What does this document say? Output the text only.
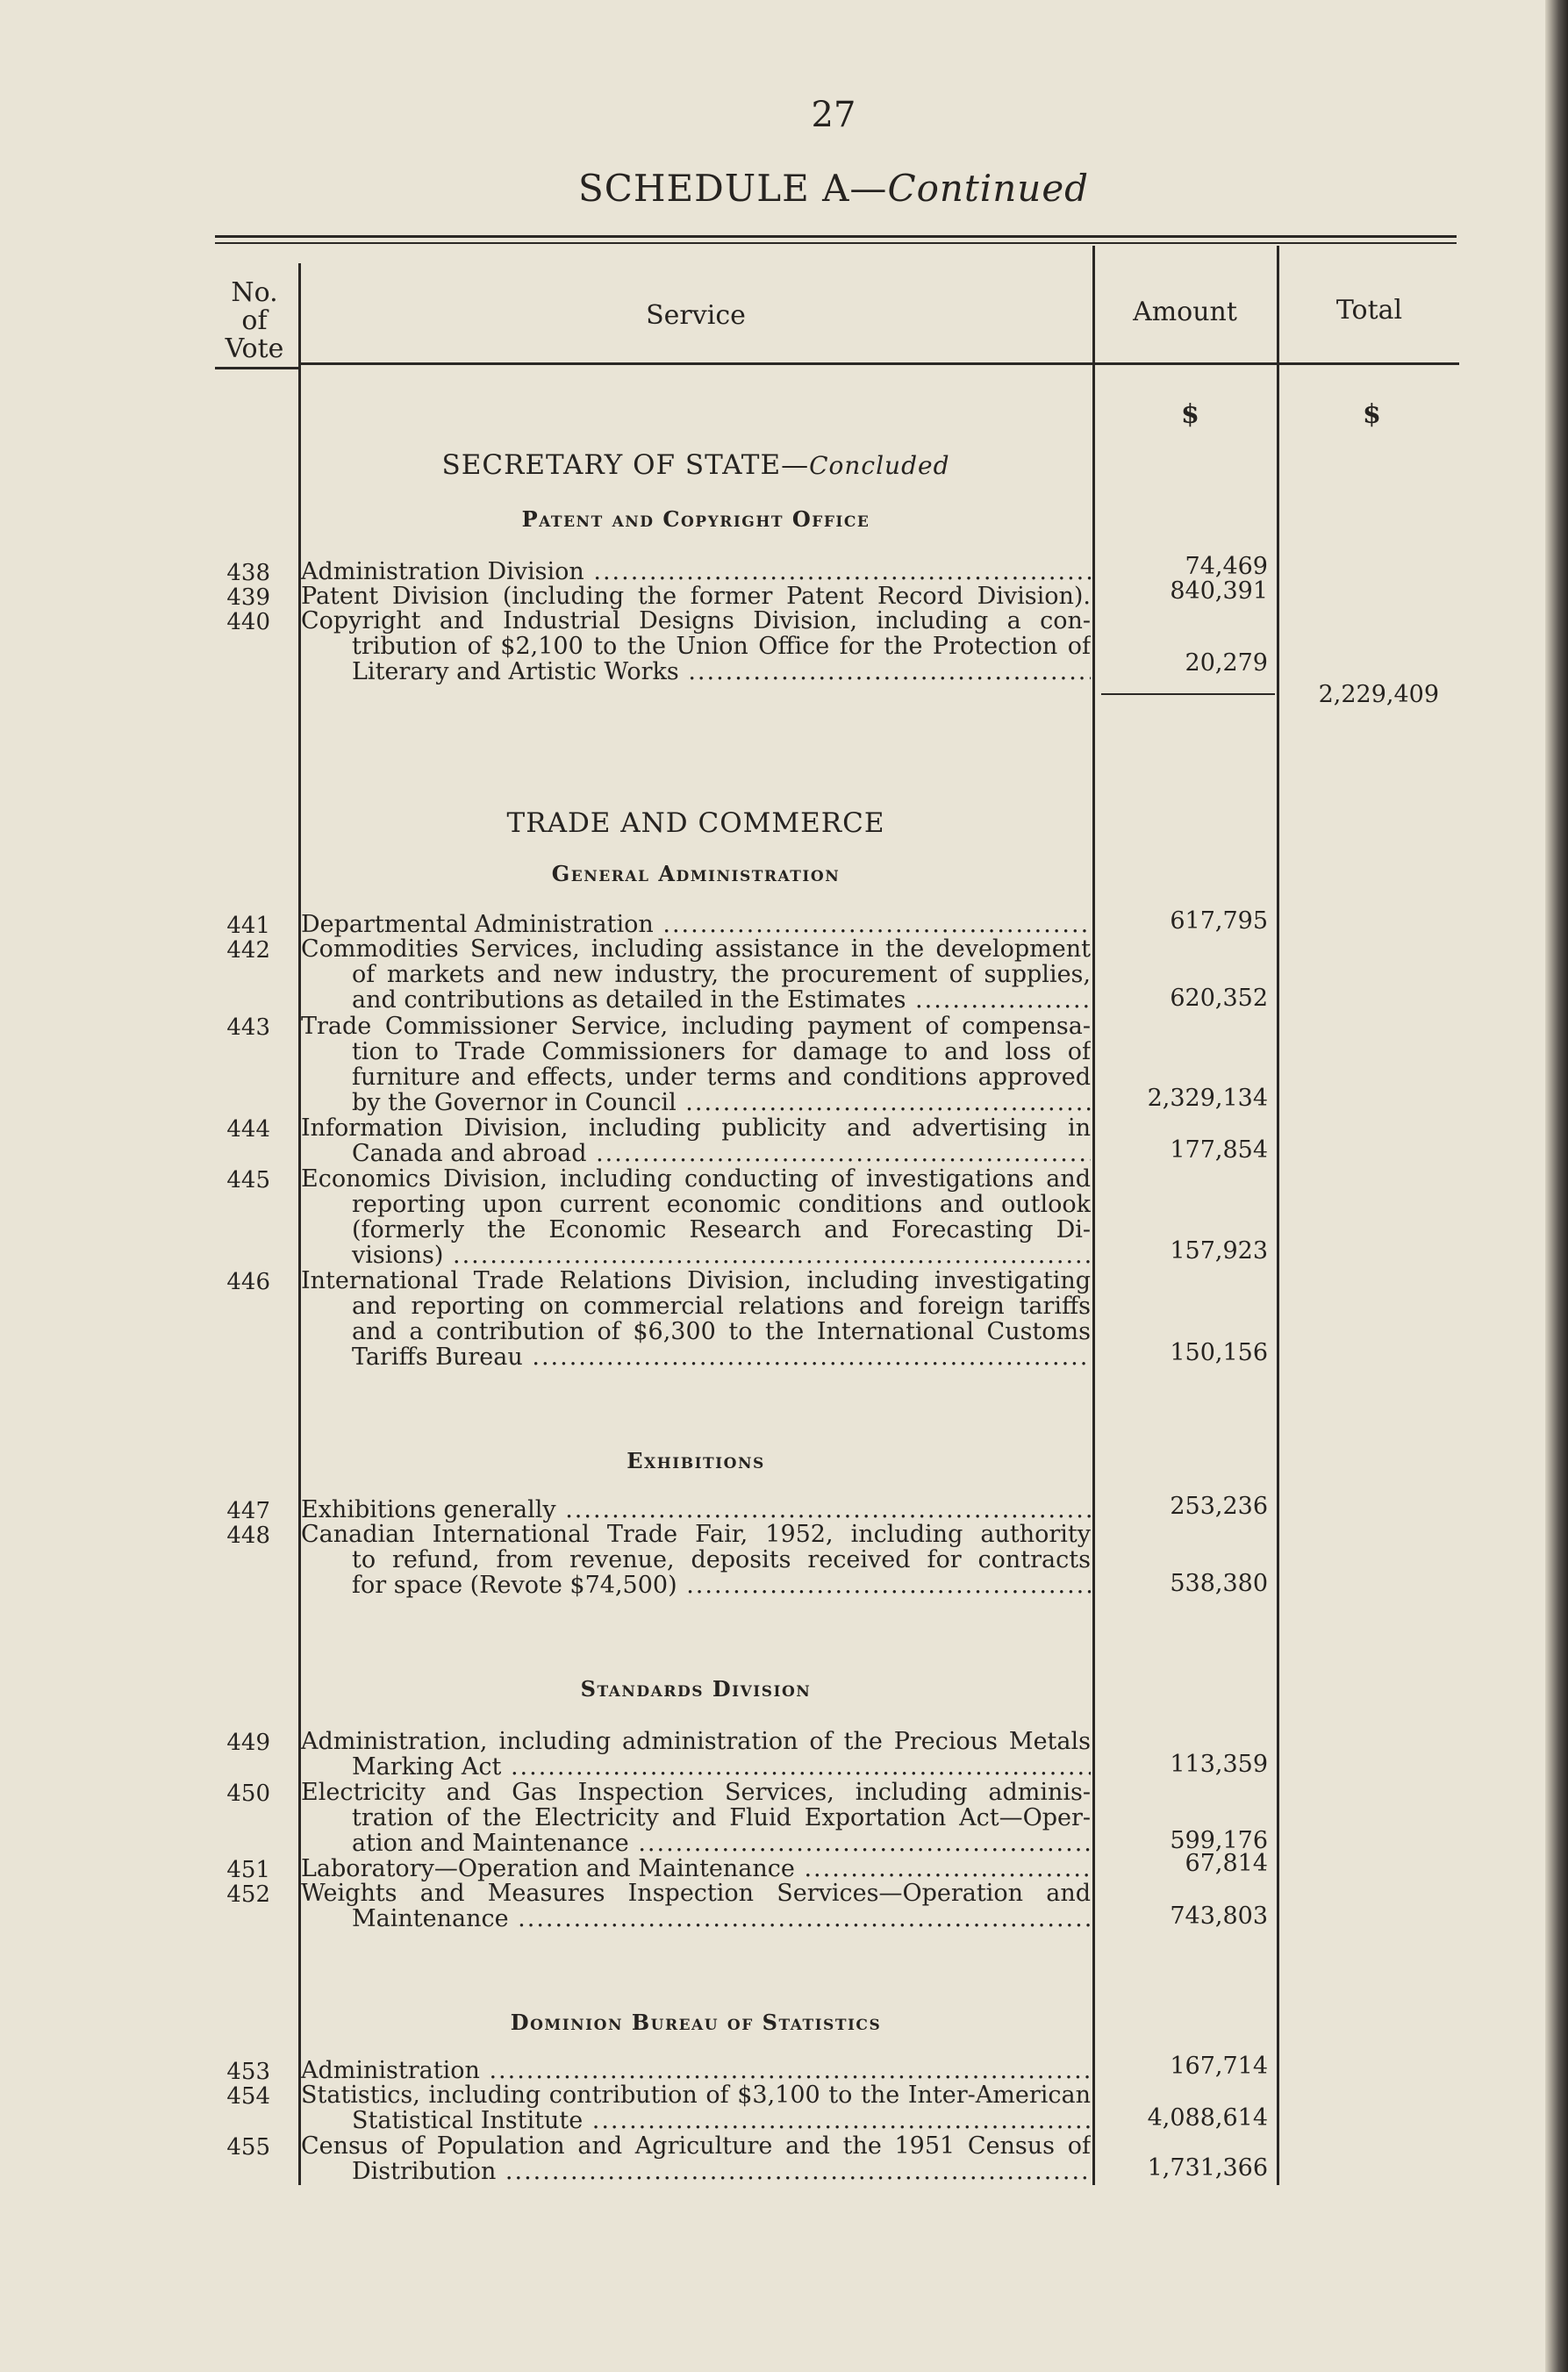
27
SCHEDULE A—Continued
No.
of
Vote
Service	Amount	Total
$	$
SECRETARY OF STATE—Concluded
Patent and Copyright Office
438 Administration Division .....	74,469
439 Patent Division (including the former Patent Record Division).	840,391
440 Copyright and Industrial Designs Division, including a con-
tribution of $2,100 to the Union Office for the Protection of
Literary and Artistic Works .....	20,279
2,229,409
TRADE AND COMMERCE
General Administration
441 Departmental Administration .....	617,795
442 Commodities Services, including assistance in the development
of markets and new industry, the procurement of supplies,
and contributions as detailed in the Estimates .....	620,352
443 Trade Commissioner Service, including payment of compensa-
tion to Trade Commissioners for damage to and loss of
furniture and effects, under terms and conditions approved
by the Governor in Council .....	2,329,134
444 Information Division, including publicity and advertising in
Canada and abroad .....	177,854
445 Economics Division, including conducting of investigations and
reporting upon current economic conditions and outlook
(formerly the Economic Research and Forecasting Di-
visions) .....	157,923
446 International Trade Relations Division, including investigating
and reporting on commercial relations and foreign tariffs
and a contribution of $6,300 to the International Customs
Tariffs Bureau .....	150,156
Exhibitions
447 Exhibitions generally .....	253,236
448 Canadian International Trade Fair, 1952, including authority
to refund, from revenue, deposits received for contracts
for space (Revote $74,500) .....	538,380
Standards Division
449 Administration, including administration of the Precious Metals
Marking Act .....	113,359
450 Electricity and Gas Inspection Services, including adminis-
tration of the Electricity and Fluid Exportation Act—Oper-
ation and Maintenance .....	599,176
451 Laboratory—Operation and Maintenance .....	67,814
452 Weights and Measures Inspection Services—Operation and
Maintenance .....	743,803
Dominion Bureau of Statistics
453 Administration .....	167,714
454 Statistics, including contribution of $3,100 to the Inter-American
Statistical Institute .....	4,088,614
455 Census of Population and Agriculture and the 1951 Census of
Distribution .....	1,731,366
